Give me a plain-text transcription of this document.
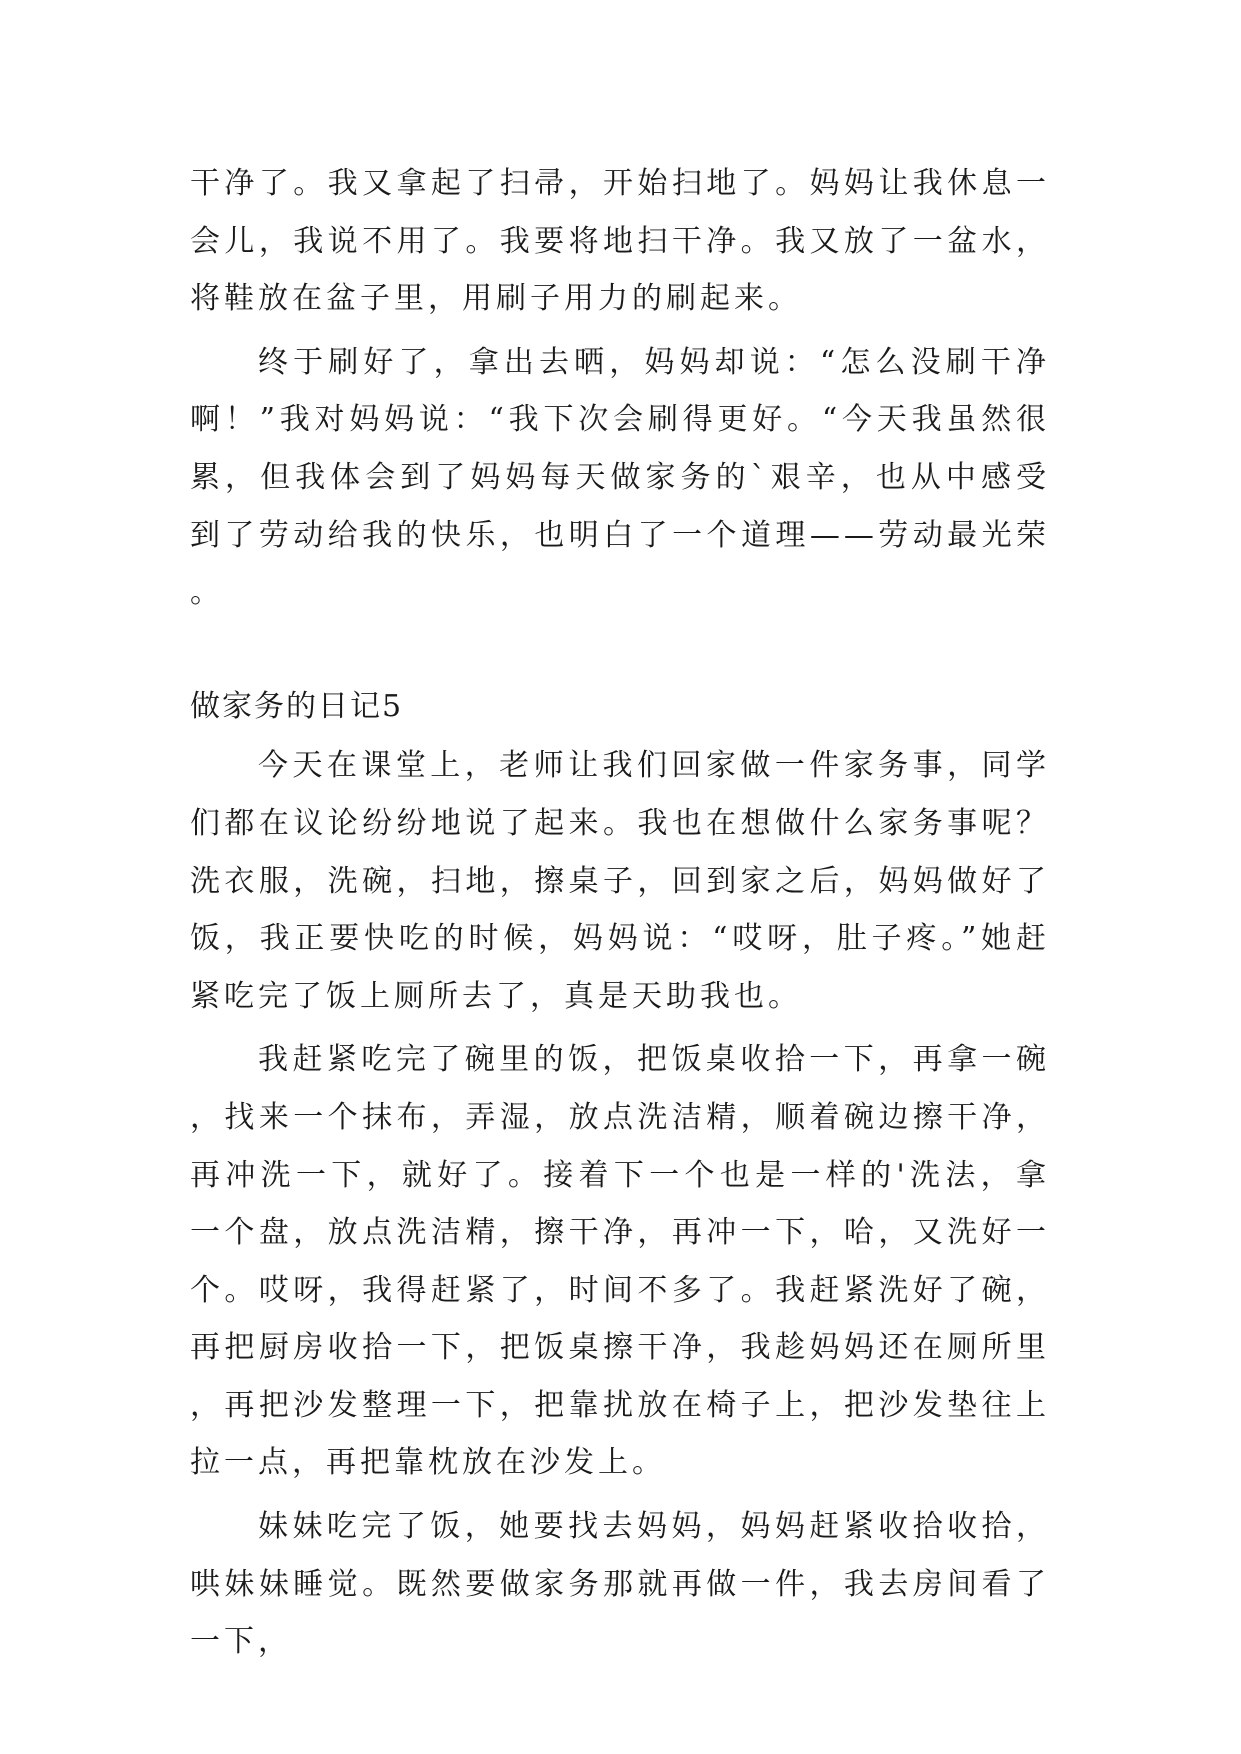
干净了。我又拿起了扫帚，开始扫地了。妈妈让我休息一会儿，我说不用了。我要将地扫干净。我又放了一盆水，将鞋放在盆子里，用刷子用力的刷起来。

终于刷好了，拿出去晒，妈妈却说：“怎么没刷干净啊！”我对妈妈说：“我下次会刷得更好。“今天我虽然很累，但我体会到了妈妈每天做家务的`艰辛，也从中感受到了劳动给我的快乐，也明白了一个道理——劳动最光荣。

做家务的日记5

今天在课堂上，老师让我们回家做一件家务事，同学们都在议论纷纷地说了起来。我也在想做什么家务事呢？洗衣服，洗碗，扫地，擦桌子，回到家之后，妈妈做好了饭，我正要快吃的时候，妈妈说：“哎呀，肚子疼。”她赶紧吃完了饭上厕所去了，真是天助我也。

我赶紧吃完了碗里的饭，把饭桌收拾一下，再拿一碗，找来一个抹布，弄湿，放点洗洁精，顺着碗边擦干净，再冲洗一下，就好了。接着下一个也是一样的'洗法，拿一个盘，放点洗洁精，擦干净，再冲一下，哈，又洗好一个。哎呀，我得赶紧了，时间不多了。我赶紧洗好了碗，再把厨房收拾一下，把饭桌擦干净，我趁妈妈还在厕所里，再把沙发整理一下，把靠扰放在椅子上，把沙发垫往上拉一点，再把靠枕放在沙发上。

妹妹吃完了饭，她要找去妈妈，妈妈赶紧收拾收拾，哄妹妹睡觉。既然要做家务那就再做一件，我去房间看了一下，
